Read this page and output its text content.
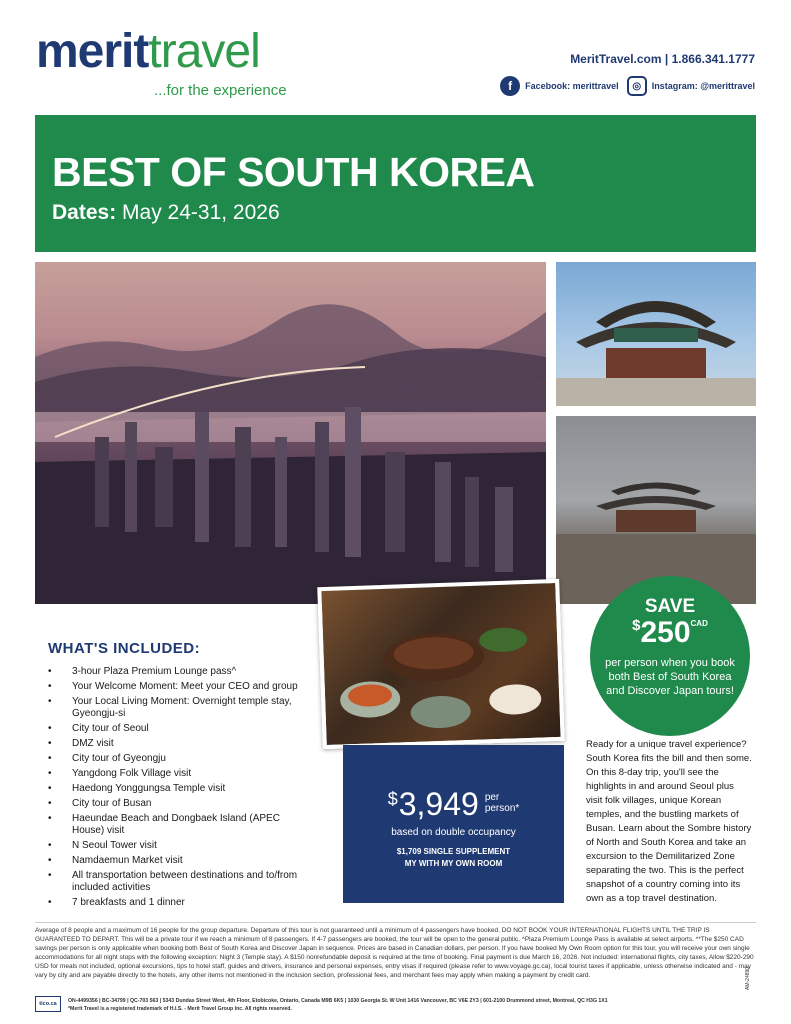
merittravel
...for the experience
MeritTravel.com | 1.866.341.1777
f	Facebook: merittravel	◎	Instagram: @merittravel
BEST OF SOUTH KOREA
Dates: May 24-31, 2026
SAVE
$^{\$}250^{CAD}$
per person when you book both Best of South Korea and Discover Japan tours!
WHAT'S INCLUDED:
• 3-hour Plaza Premium Lounge pass^
• Your Welcome Moment: Meet your CEO and group
• Your Local Living Moment: Overnight temple stay, Gyeongju-si
• City tour of Seoul
• DMZ visit
• City tour of Gyeongju
• Yangdong Folk Village visit
• Haedong Yonggungsa Temple visit
• City tour of Busan
• Haeundae Beach and Dongbaek Island (APEC House) visit
• N Seoul Tower visit
• Namdaemun Market visit
• All transportation between destinations and to/from included activities
• 7 breakfasts and 1 dinner
$ 3,949 per
person*
based on double occupancy
$1,709 SINGLE SUPPLEMENT
MY WITH MY OWN ROOM
Ready for a unique travel experience? South Korea fits the bill and then some. On this 8-day trip, you'll see the highlights in and around Seoul plus visit folk villages, unique Korean temples, and the bustling markets of Busan. Learn about the Sombre history of North and South Korea and take an excursion to the Demilitarized Zone separating the two. This is the perfect snapshot of a country coming into its own as a top travel destination.
Average of 8 people and a maximum of 16 people for the group departure. Departure of this tour is not guaranteed until a minimum of 4 passengers have booked. DO NOT BOOK YOUR INTERNATIONAL FLIGHTS UNTIL THE TRIP IS GUARANTEED TO DEPART. This will be a private tour if we reach a minimum of 8 passengers. If 4-7 passengers are booked, the tour will be open to the general public. ^Plaza Premium Lounge Pass is available at select airports. **The $250 CAD savings per person is only applicable when booking both Best of South Korea and Discover Japan in sequence. Prices are based in Canadian dollars, per person. If you have booked My Own Room option for this tour, you will receive your own single accommodations for all night stops with the following exception: Night 3 (Temple stay). A $150 nonrefundable deposit is required at the time of booking. Final payment is due March 16, 2026. Not included: international flights, city taxes, Allow $220-290 USD for meals not included, optional excursions, tips to hotel staff, guides and drivers, insurance and personal expenses, entry visas if required (please refer to www.voyage.gc.ca), local tourist taxes if applicable, unless otherwise indicated and - may vary by city and are payable directly to the hotels, any other items not mentioned in the inclusion section, professional fees, and merchant fees may apply when making a payment by credit card.
tico.ca	ON-4499356 | BC-34799 | QC-703 563 | 5343 Dundas Street West, 4th Floor, Etobicoke, Ontario, Canada M9B 6K5 | 1030 Georgia St. W Unit 1416 Vancouver, BC V6E 2Y3 | 601-2100 Drummond street, Montreal, QC H3G 1X1
*Merit Travel is a registered trademark of H.I.S. - Merit Travel Group Inc. All rights reserved.
AM-24890
